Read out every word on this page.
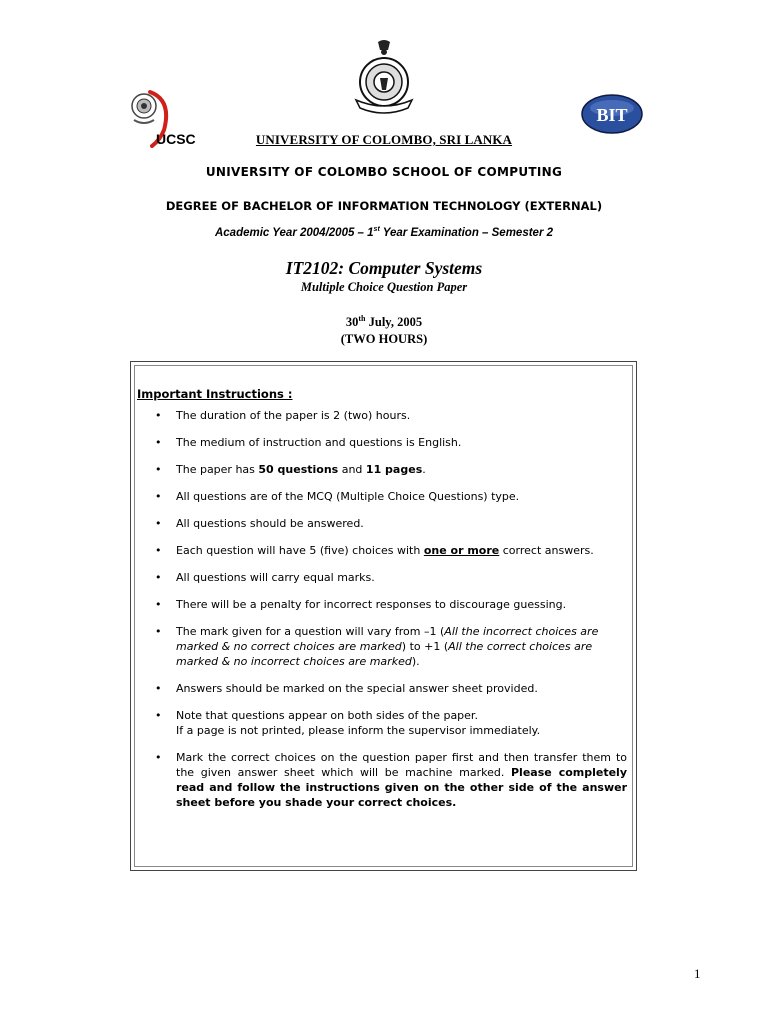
UCSC
BIT
UNIVERSITY OF COLOMBO, SRI LANKA
UNIVERSITY OF COLOMBO SCHOOL OF COMPUTING
DEGREE OF BACHELOR OF INFORMATION TECHNOLOGY (EXTERNAL)
Academic Year 2004/2005 – 1st Year Examination – Semester 2
IT2102: Computer Systems
Multiple Choice Question Paper
30th July, 2005
(TWO HOURS)
Important Instructions :
• The duration of the paper is 2 (two) hours.
• The medium of instruction and questions is English.
• The paper has 50 questions and 11 pages.
• All questions are of the MCQ (Multiple Choice Questions) type.
• All questions should be answered.
• Each question will have 5 (five) choices with one or more correct answers.
• All questions will carry equal marks.
• There will be a penalty for incorrect responses to discourage guessing.
• The mark given for a question will vary from –1 (All the incorrect choices are marked & no correct choices are marked) to +1 (All the correct choices are marked & no incorrect choices are marked).
• Answers should be marked on the special answer sheet provided.
• Note that questions appear on both sides of the paper.
If a page is not printed, please inform the supervisor immediately.
• Mark the correct choices on the question paper first and then transfer them to the given answer sheet which will be machine marked. Please completely read and follow the instructions given on the other side of the answer sheet before you shade your correct choices.
1
